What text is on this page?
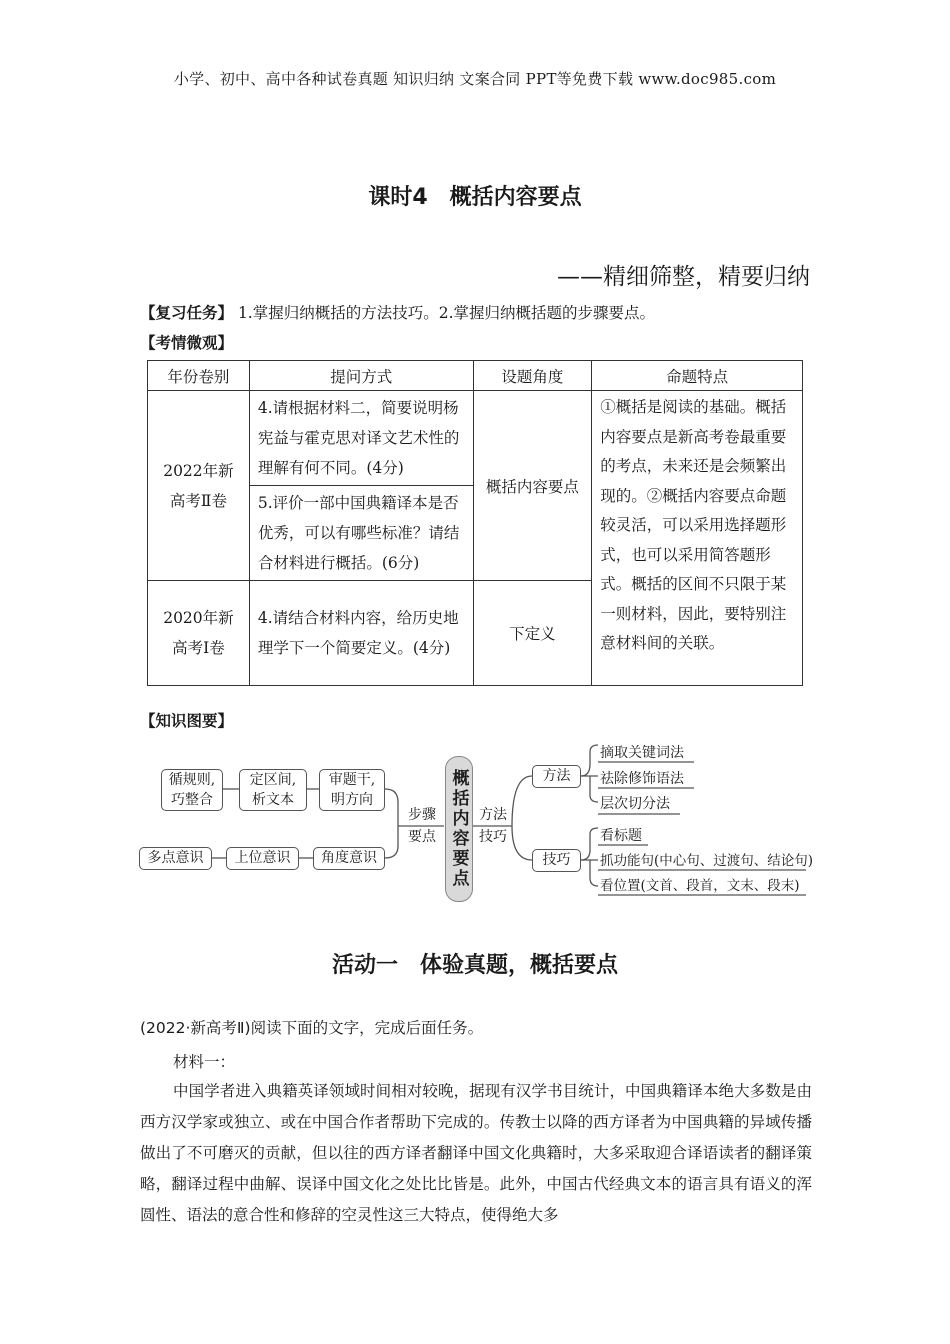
小学、初中、高中各种试卷真题 知识归纳 文案合同 PPT等免费下载 www.doc985.com
课时4　概括内容要点
——精细筛整，精要归纳
【复习任务】 1.掌握归纳概括的方法技巧。2.掌握归纳概括题的步骤要点。
【考情微观】
年份卷别	提问方式	设题角度	命题特点

2022年新
高考Ⅱ卷	4.请根据材料二，简要说明杨宪益与霍克思对译文艺术性的理解有何不同。(4分)	概括内容要点	①概括是阅读的基础。概括内容要点是新高考卷最重要的考点，未来还是会频繁出现的。②概括内容要点命题较灵活，可以采用选择题形式，也可以采用简答题形式。概括的区间不只限于某一则材料，因此，要特别注意材料间的关联。
	5.评价一部中国典籍译本是否优秀，可以有哪些标准？请结合材料进行概括。(6分)		

2020年新
高考Ⅰ卷	4.请结合材料内容，给历史地理学下一个简要定义。(4分)	下定义	
【知识图要】
循规则,
巧整合
定区间,
析文本
审题干,
明方向
多点意识	上位意识	角度意识
步骤
要点 概括内容要点 方法
技巧
方法
技巧
摘取关键词法
祛除修饰语法
层次切分法
看标题
抓功能句(中心句、过渡句、结论句)
看位置(文首、段首，文末、段末)
活动一　体验真题，概括要点
(2022·新高考Ⅱ)阅读下面的文字，完成后面任务。
材料一：
中国学者进入典籍英译领域时间相对较晚，据现有汉学书目统计，中国典籍译本绝大多数是由西方汉学家或独立、或在中国合作者帮助下完成的。传教士以降的西方译者为中国典籍的异域传播做出了不可磨灭的贡献，但以往的西方译者翻译中国文化典籍时，大多采取迎合译语读者的翻译策略，翻译过程中曲解、误译中国文化之处比比皆是。此外，中国古代经典文本的语言具有语义的浑圆性、语法的意合性和修辞的空灵性这三大特点，使得绝大多
